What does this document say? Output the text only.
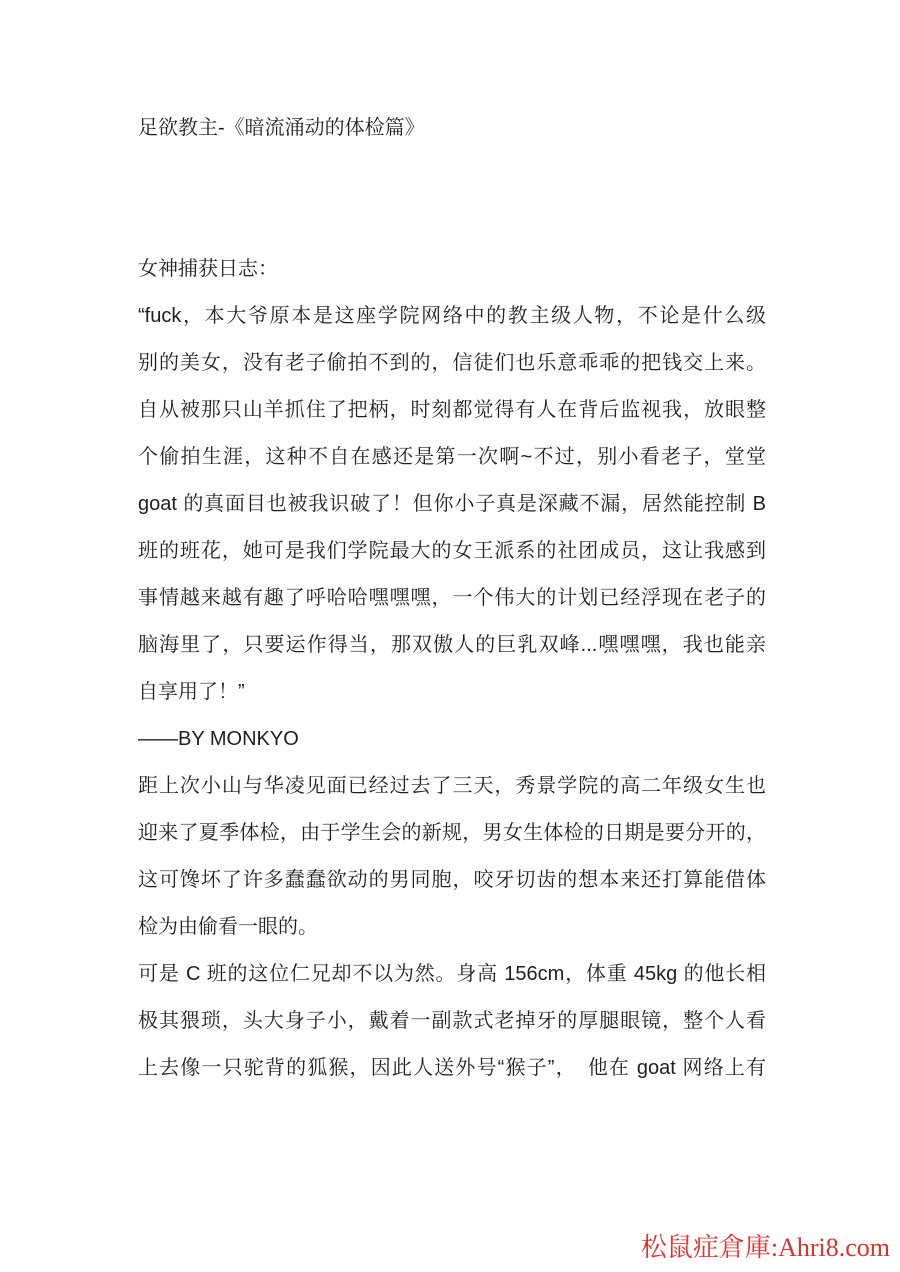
足欲教主-《暗流涌动的体检篇》
女神捕获日志：
“fuck，本大爷原本是这座学院网络中的教主级人物，不论是什么级
别的美女，没有老子偷拍不到的，信徒们也乐意乖乖的把钱交上来。
自从被那只山羊抓住了把柄，时刻都觉得有人在背后监视我，放眼整
个偷拍生涯，这种不自在感还是第一次啊~不过，别小看老子，堂堂
goat 的真面目也被我识破了！但你小子真是深藏不漏，居然能控制 B
班的班花，她可是我们学院最大的女王派系的社团成员，这让我感到
事情越来越有趣了呼哈哈嘿嘿嘿，一个伟大的计划已经浮现在老子的
脑海里了，只要运作得当，那双傲人的巨乳双峰...嘿嘿嘿，我也能亲
自享用了！”
——BY MONKYO
距上次小山与华凌见面已经过去了三天，秀景学院的高二年级女生也
迎来了夏季体检，由于学生会的新规，男女生体检的日期是要分开的，
这可馋坏了许多蠢蠢欲动的男同胞，咬牙切齿的想本来还打算能借体
检为由偷看一眼的。
可是 C 班的这位仁兄却不以为然。身高 156cm，体重 45kg 的他长相
极其猥琐，头大身子小，戴着一副款式老掉牙的厚腿眼镜，整个人看
上去像一只驼背的狐猴，因此人送外号“猴子”，　他在 goat 网络上有
松鼠症倉庫:Ahri8.com
